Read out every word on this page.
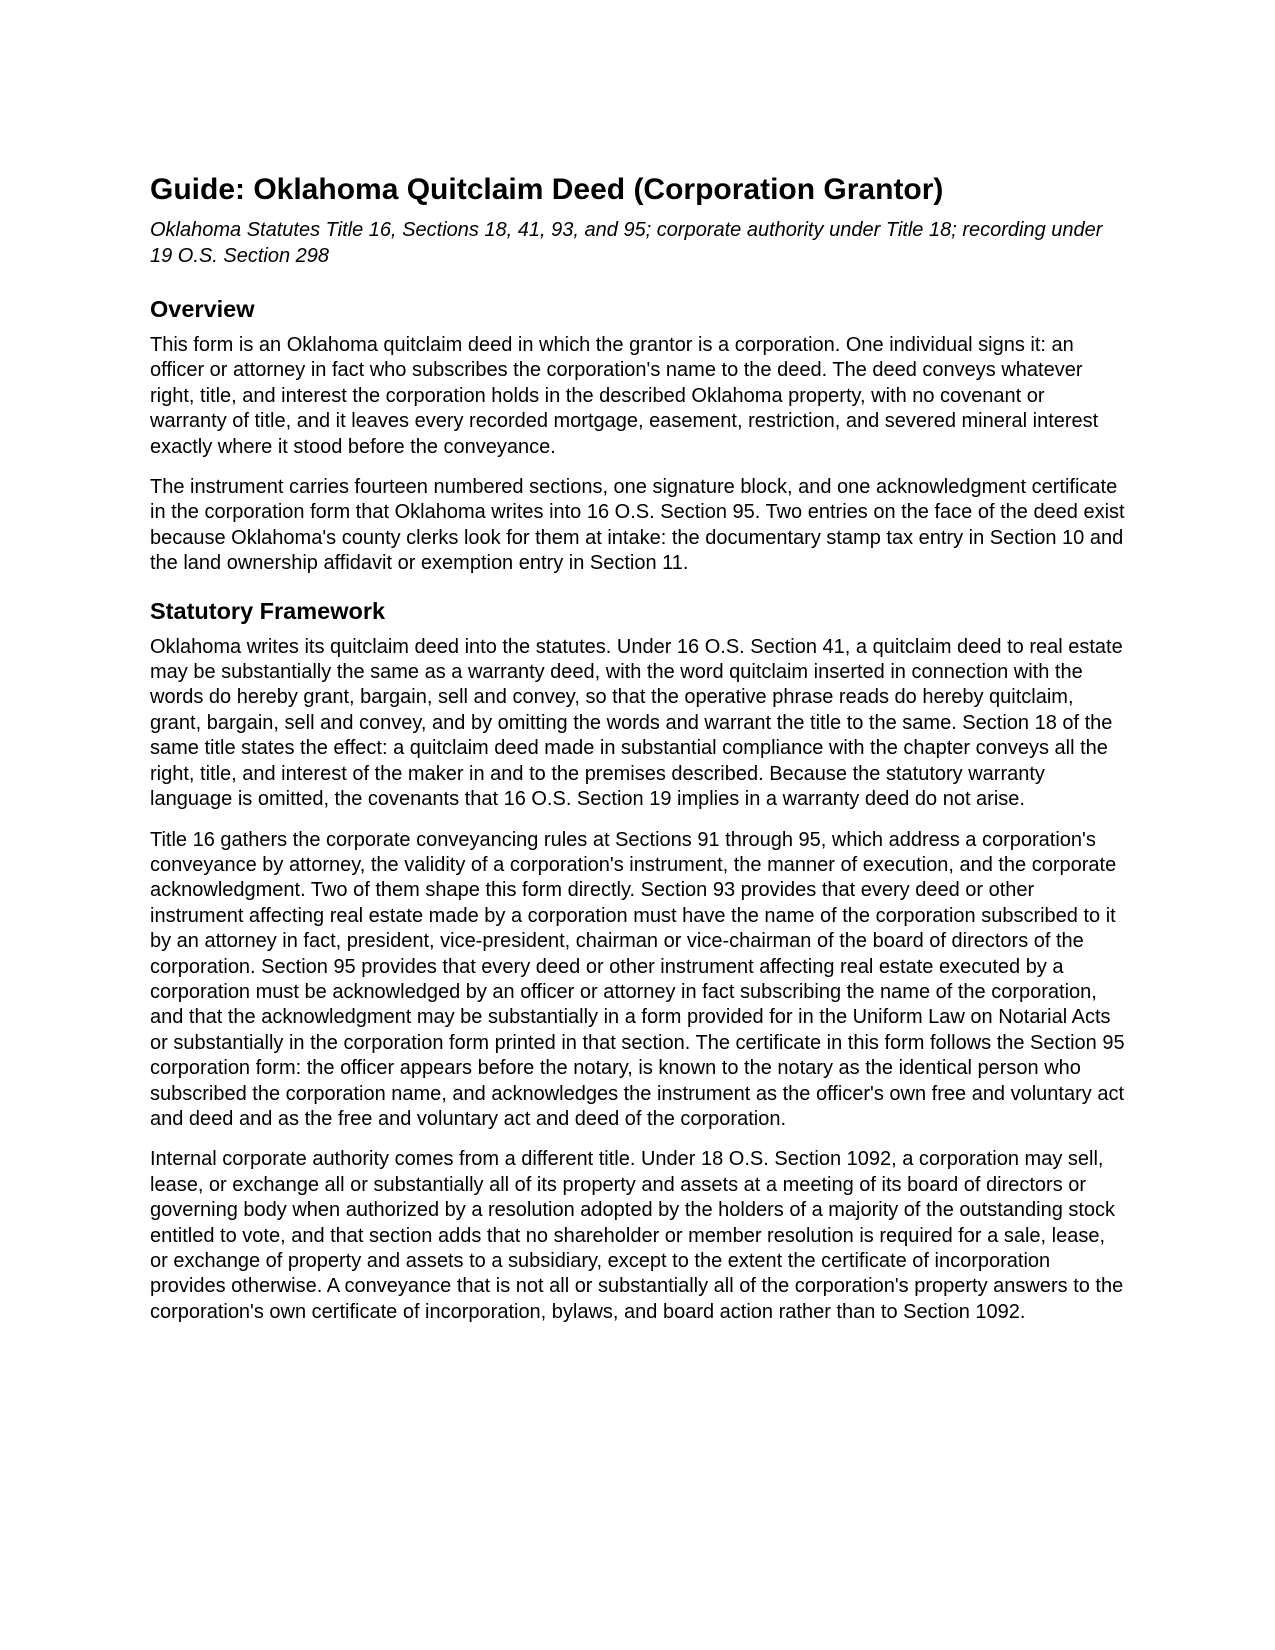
Guide: Oklahoma Quitclaim Deed (Corporation Grantor)

Oklahoma Statutes Title 16, Sections 18, 41, 93, and 95; corporate authority under Title 18; recording under 19 O.S. Section 298

Overview

This form is an Oklahoma quitclaim deed in which the grantor is a corporation. One individual signs it: an officer or attorney in fact who subscribes the corporation's name to the deed. The deed conveys whatever right, title, and interest the corporation holds in the described Oklahoma property, with no covenant or warranty of title, and it leaves every recorded mortgage, easement, restriction, and severed mineral interest exactly where it stood before the conveyance.

The instrument carries fourteen numbered sections, one signature block, and one acknowledgment certificate in the corporation form that Oklahoma writes into 16 O.S. Section 95. Two entries on the face of the deed exist because Oklahoma's county clerks look for them at intake: the documentary stamp tax entry in Section 10 and the land ownership affidavit or exemption entry in Section 11.

Statutory Framework

Oklahoma writes its quitclaim deed into the statutes. Under 16 O.S. Section 41, a quitclaim deed to real estate may be substantially the same as a warranty deed, with the word quitclaim inserted in connection with the words do hereby grant, bargain, sell and convey, so that the operative phrase reads do hereby quitclaim, grant, bargain, sell and convey, and by omitting the words and warrant the title to the same. Section 18 of the same title states the effect: a quitclaim deed made in substantial compliance with the chapter conveys all the right, title, and interest of the maker in and to the premises described. Because the statutory warranty language is omitted, the covenants that 16 O.S. Section 19 implies in a warranty deed do not arise.

Title 16 gathers the corporate conveyancing rules at Sections 91 through 95, which address a corporation's conveyance by attorney, the validity of a corporation's instrument, the manner of execution, and the corporate acknowledgment. Two of them shape this form directly. Section 93 provides that every deed or other instrument affecting real estate made by a corporation must have the name of the corporation subscribed to it by an attorney in fact, president, vice-president, chairman or vice-chairman of the board of directors of the corporation. Section 95 provides that every deed or other instrument affecting real estate executed by a corporation must be acknowledged by an officer or attorney in fact subscribing the name of the corporation, and that the acknowledgment may be substantially in a form provided for in the Uniform Law on Notarial Acts or substantially in the corporation form printed in that section. The certificate in this form follows the Section 95 corporation form: the officer appears before the notary, is known to the notary as the identical person who subscribed the corporation name, and acknowledges the instrument as the officer's own free and voluntary act and deed and as the free and voluntary act and deed of the corporation.

Internal corporate authority comes from a different title. Under 18 O.S. Section 1092, a corporation may sell, lease, or exchange all or substantially all of its property and assets at a meeting of its board of directors or governing body when authorized by a resolution adopted by the holders of a majority of the outstanding stock entitled to vote, and that section adds that no shareholder or member resolution is required for a sale, lease, or exchange of property and assets to a subsidiary, except to the extent the certificate of incorporation provides otherwise. A conveyance that is not all or substantially all of the corporation's property answers to the corporation's own certificate of incorporation, bylaws, and board action rather than to Section 1092.
